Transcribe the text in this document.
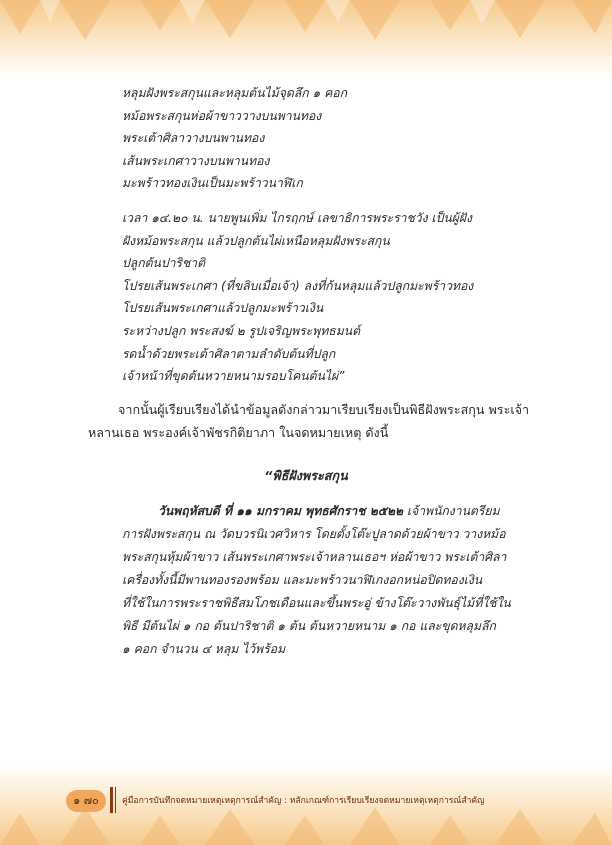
หลุมฝังพระสกุนและหลุมต้นไม้จุดลึก ๑ คอก
หม้อพระสกุนห่อผ้าขาววางบนพานทอง
พระเต้าศิลาวางบนพานทอง
เส้นพระเกศาวางบนพานทอง
มะพร้าวทองเงินเป็นมะพร้าวนาฬิเก
เวลา ๑๔.๒๐ น. นายพูนเพิ่ม ไกรฤกษ์ เลขาธิการพระราชวัง เป็นผู้ฝัง
ฝังหม้อพระสกุน แล้วปลูกต้นไผ่เหนือหลุมฝังพระสกุน
ปลูกต้นปาริชาติ
โปรยเส้นพระเกศา (ที่ขลิบเมื่อเจ้า) ลงที่ก้นหลุมแล้วปลูกมะพร้าวทอง
โปรยเส้นพระเกศาแล้วปลูกมะพร้าวเงิน
ระหว่างปลูก พระสงฆ์ ๒ รูปเจริญพระพุทธมนต์
รดน้ำด้วยพระเต้าศิลาตามลำดับต้นที่ปลูก
เจ้าหน้าที่ขุดต้นหวายหนามรอบโคนต้นไผ่”
จากนั้นผู้เรียบเรียงได้นำข้อมูลดังกล่าวมาเรียบเรียงเป็นพิธีฝังพระสกุน พระเจ้า
หลานเธอ พระองค์เจ้าพัชรกิติยาภา ในจดหมายเหตุ ดังนี้
“พิธีฝังพระสกุน
วันพฤหัสบดี ที่ ๑๑ มกราคม พุทธศักราช ๒๕๒๒ เจ้าพนักงานตรียม
การฝังพระสกุน ณ วัดบวรนิเวศวิหาร โดยตั้งโต๊ะปูลาดด้วยผ้าขาว วางหม้อ
พระสกุนหุ้มผ้าขาว เส้นพระเกศาพระเจ้าหลานเธอฯ ห่อผ้าขาว พระเต้าศิลา
เครื่องทั้งนี้มีพานทองรองพร้อม และมะพร้าวนาฬิเกงอกหน่อปิดทองเงิน
ที่ใช้ในการพระราชพิธีสมโภชเดือนและขึ้นพระอู่ ข้างโต๊ะวางพันธุ์ไม้ที่ใช้ใน
พิธี มีต้นไผ่ ๑ กอ ต้นปาริชาติ ๑ ต้น ต้นหวายหนาม ๑ กอ และขุดหลุมลึก
๑ คอก จำนวน ๔ หลุม ไว้พร้อม
๑ ๗๐	คู่มือการบันทึกจดหมายเหตุเหตุการณ์สำคัญ : หลักเกณฑ์การเรียบเรียงจดหมายเหตุเหตุการณ์สำคัญ
